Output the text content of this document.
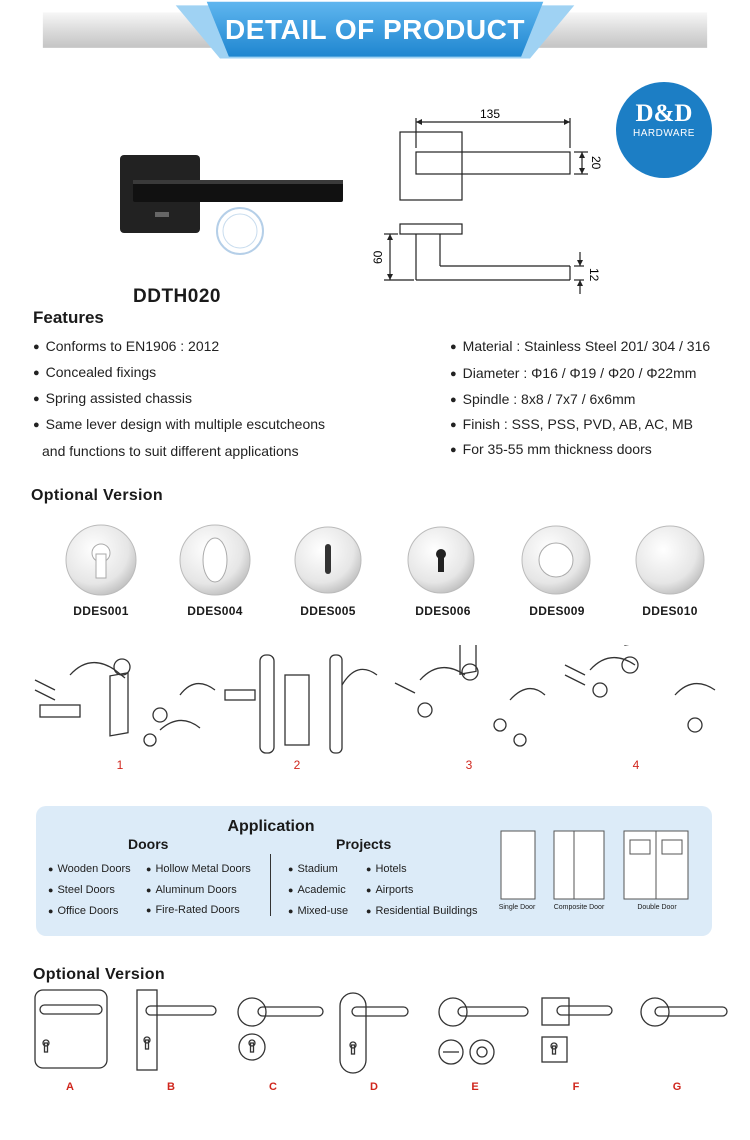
DETAIL OF PRODUCT
DDTH020
135
20
60
12
D&D
HARDWARE
Features
● Conforms to EN1906 : 2012
● Concealed fixings
● Spring assisted chassis
● Same lever design with multiple escutcheons
and functions to suit different applications
● Material : Stainless Steel 201/ 304 / 316
● Diameter : Φ16 / Φ19 / Φ20 / Φ22mm
● Spindle : 8x8 / 7x7 / 6x6mm
● Finish : SSS, PSS, PVD, AB, AC, MB
● For 35-55 mm thickness doors
Optional Version
DDES001	DDES004	DDES005	DDES006	DDES009	DDES010
1	2	3	4
Application
Doors	Projects
● Wooden Doors
● Steel Doors
● Office Doors
● Hollow Metal Doors
● Aluminum Doors
● Fire-Rated Doors
● Stadium
● Academic
● Mixed-use
● Hotels
● Airports
● Residential Buildings	Single Door	Composite Door	Double Door
Optional Version
A	B	C	D	E	F	G
